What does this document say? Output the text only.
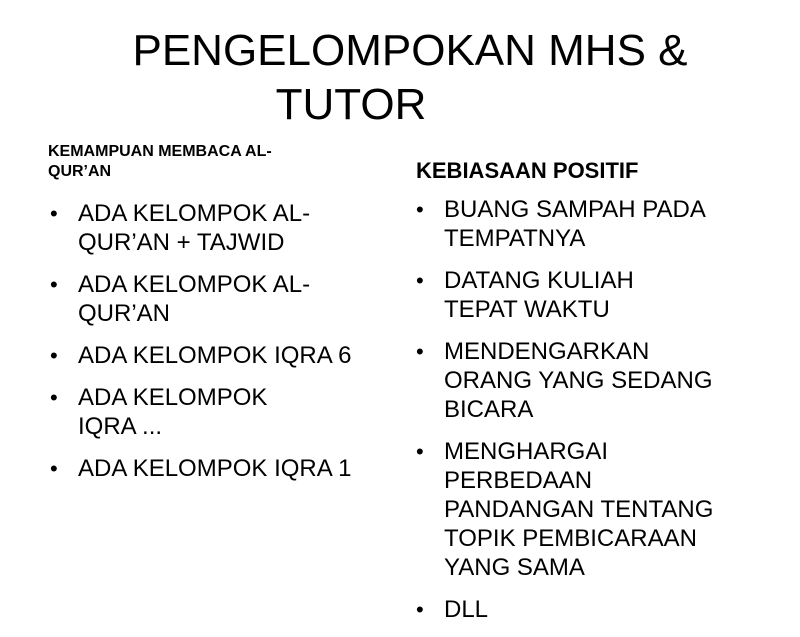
PENGELOMPOKAN MHS &
TUTOR
KEMAMPUAN MEMBACA AL-
QUR’AN
• ADA KELOMPOK AL-
QUR’AN + TAJWID
• ADA KELOMPOK AL-
QUR’AN
• ADA KELOMPOK IQRA 6
• ADA KELOMPOK
IQRA ...
• ADA KELOMPOK IQRA 1
KEBIASAAN POSITIF
• BUANG SAMPAH PADA
TEMPATNYA
• DATANG KULIAH
TEPAT WAKTU
• MENDENGARKAN
ORANG YANG SEDANG
BICARA
• MENGHARGAI
PERBEDAAN
PANDANGAN TENTANG
TOPIK PEMBICARAAN
YANG SAMA
• DLL
